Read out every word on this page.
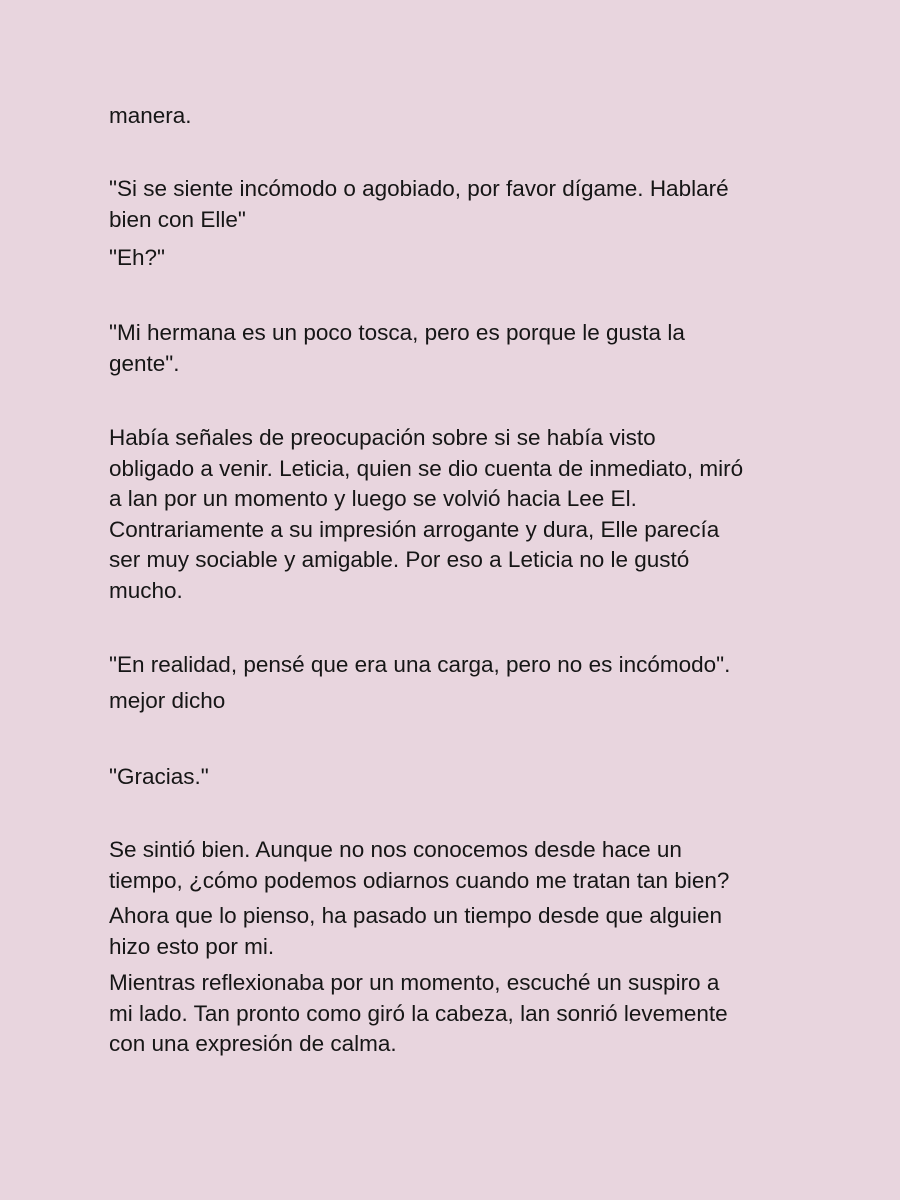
manera.

"Si se siente incómodo o agobiado, por favor dígame. Hablaré
bien con Elle"

"Eh?"

"Mi hermana es un poco tosca, pero es porque le gusta la
gente".

Había señales de preocupación sobre si se había visto
obligado a venir. Leticia, quien se dio cuenta de inmediato, miró
a lan por un momento y luego se volvió hacia Lee El.
Contrariamente a su impresión arrogante y dura, Elle parecía
ser muy sociable y amigable. Por eso a Leticia no le gustó
mucho.

"En realidad, pensé que era una carga, pero no es incómodo".

mejor dicho

"Gracias."

Se sintió bien. Aunque no nos conocemos desde hace un
tiempo, ¿cómo podemos odiarnos cuando me tratan tan bien?

Ahora que lo pienso, ha pasado un tiempo desde que alguien
hizo esto por mi.

Mientras reflexionaba por un momento, escuché un suspiro a
mi lado. Tan pronto como giró la cabeza, lan sonrió levemente
con una expresión de calma.
